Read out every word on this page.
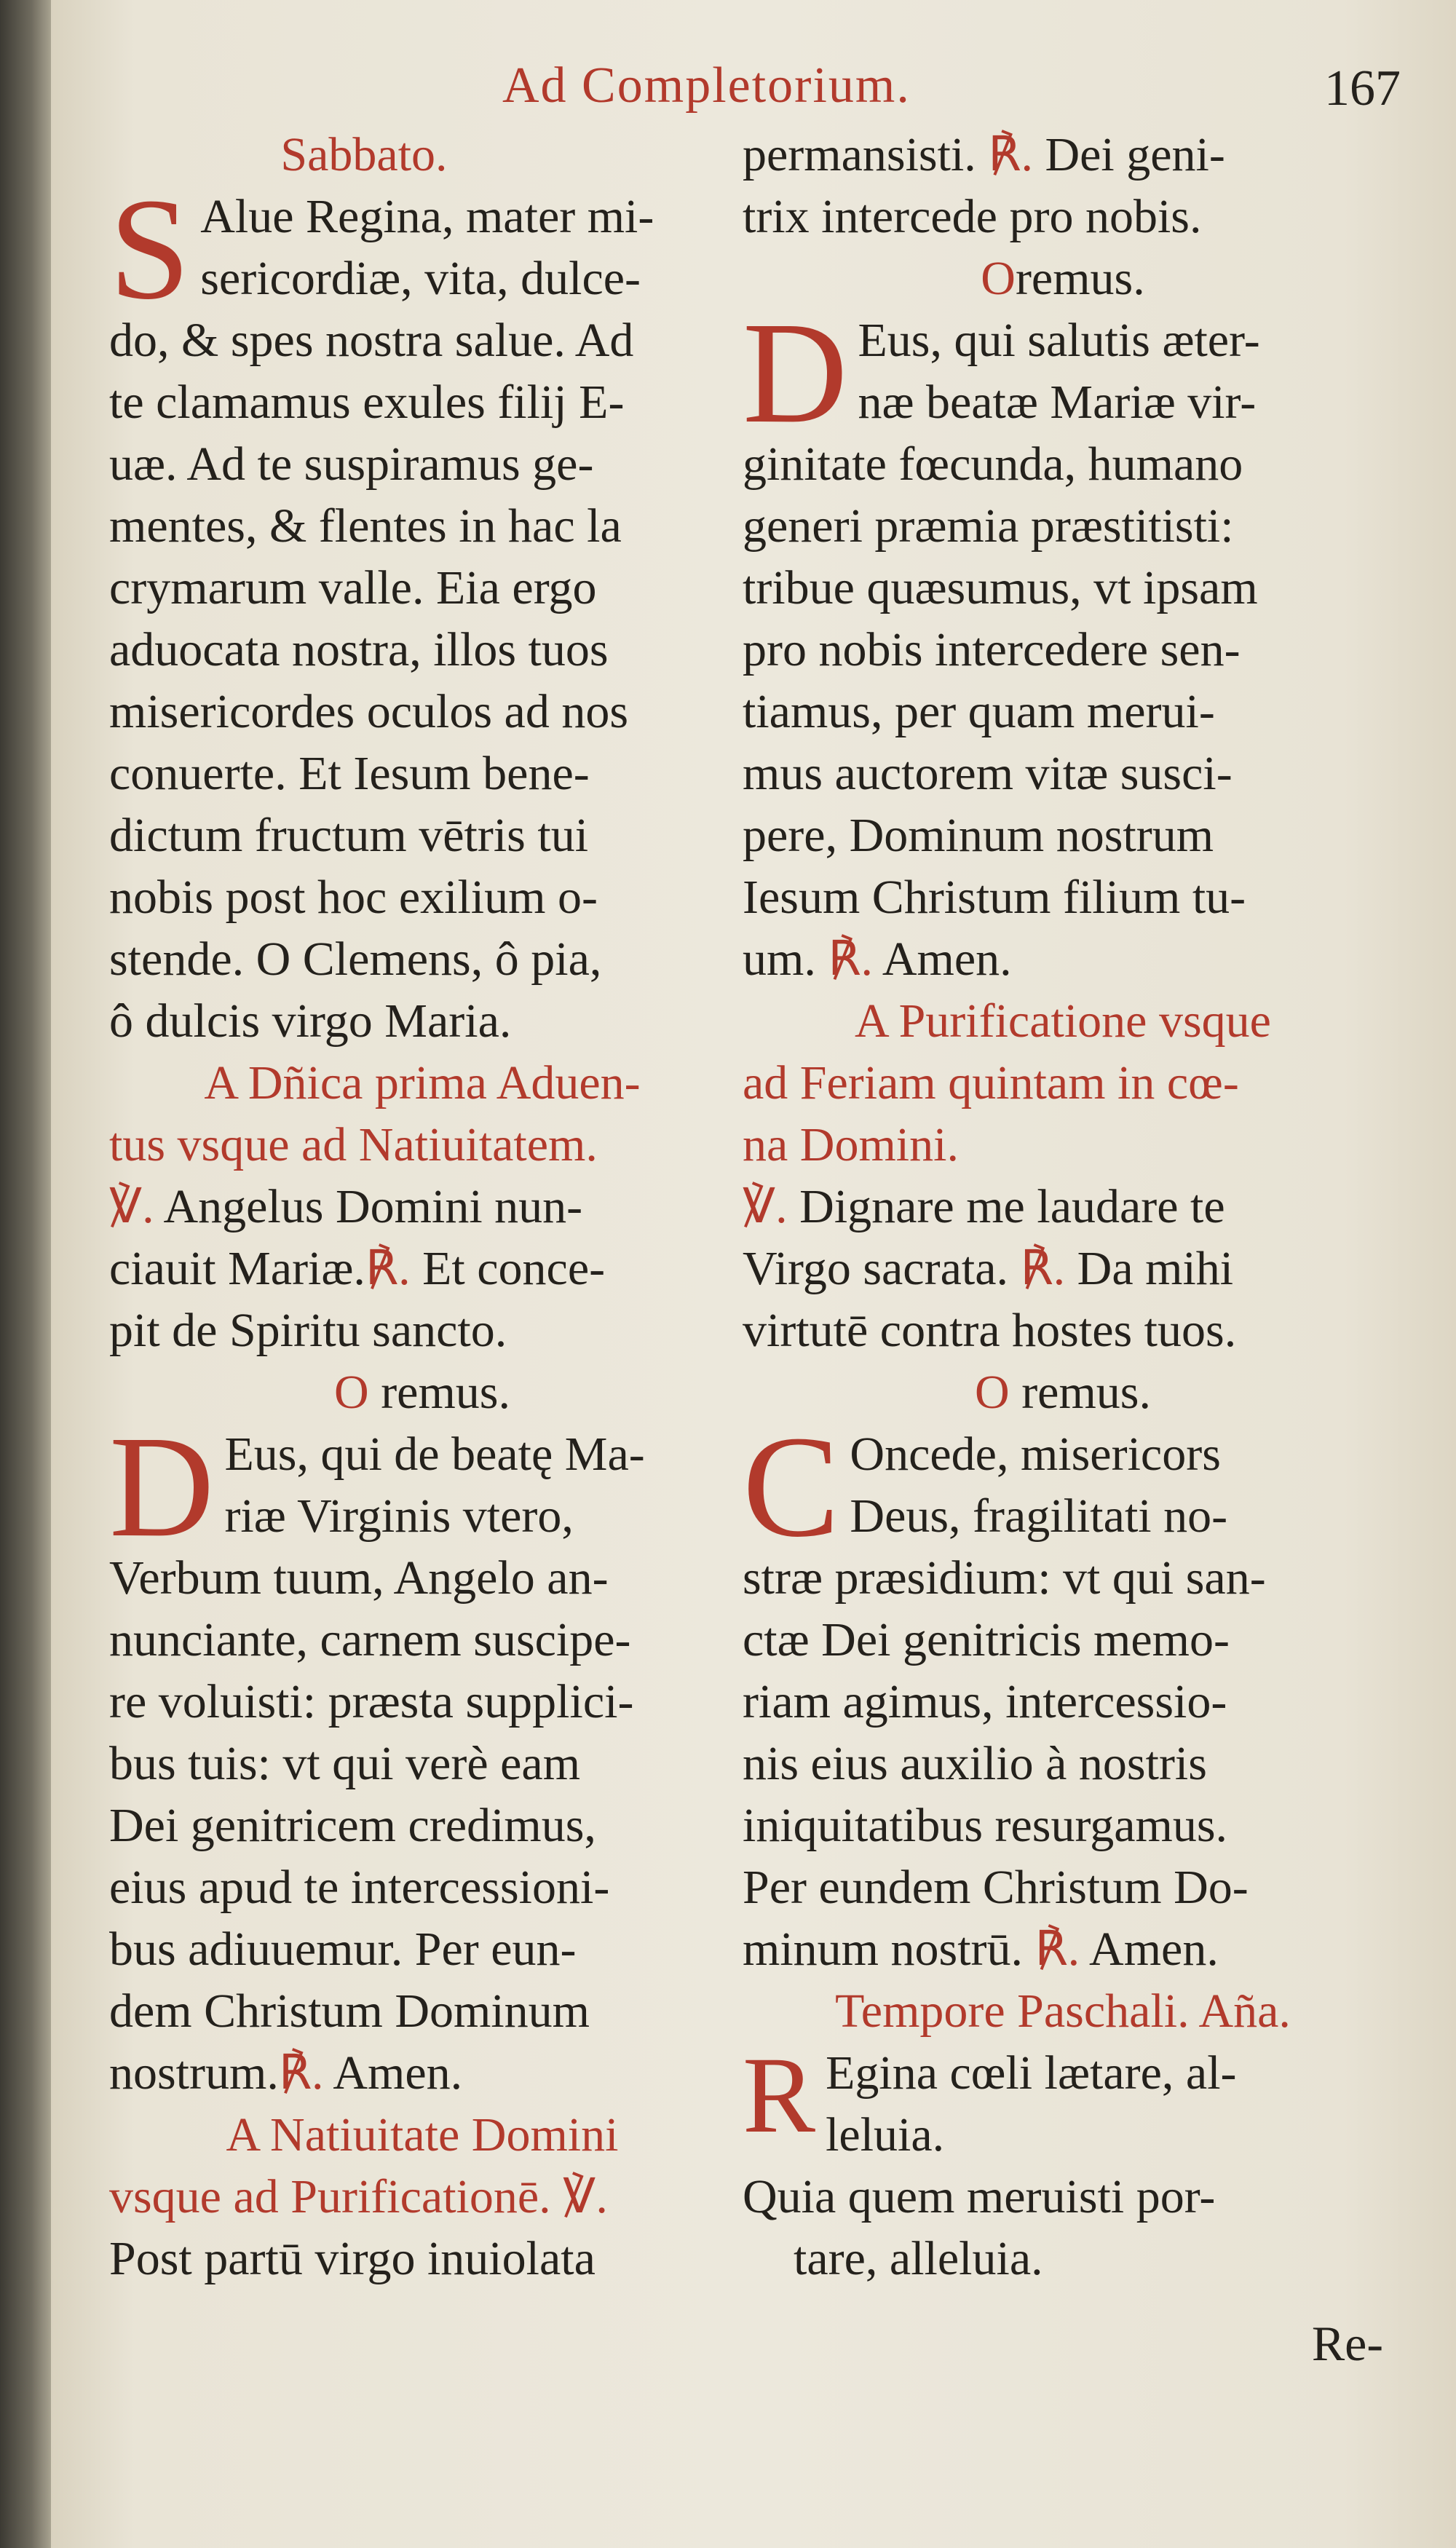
Ad Completorium.	167

Sabbato.

S Alue Regina, mater mi-

sericordiæ, vita, dulce-

do, & spes nostra salue. Ad

te clamamus exules filij E-

uæ. Ad te suspiramus ge-

mentes, & flentes in hac la

crymarum valle. Eia ergo

aduocata nostra, illos tuos

misericordes oculos ad nos

conuerte. Et Iesum bene-

dictum fructum vētris tui

nobis post hoc exilium o-

stende. O Clemens, ô pia,

ô dulcis virgo Maria.

A Dñica prima Aduen-

tus vsque ad Natiuitatem.

℣. Angelus Domini nun-

ciauit Mariæ.℟. Et conce-

pit de Spiritu sancto.

O remus.

D Eus, qui de beatę Ma-

riæ Virginis vtero,

Verbum tuum, Angelo an-

nunciante, carnem suscipe-

re voluisti: præsta supplici-

bus tuis: vt qui verè eam

Dei genitricem credimus,

eius apud te intercessioni-

bus adiuuemur. Per eun-

dem Christum Dominum

nostrum.℟. Amen.

A Natiuitate Domini

vsque ad Purificationē. ℣.

Post partū virgo inuiolata

permansisti. ℟. Dei geni-

trix intercede pro nobis.

Oremus.

D Eus, qui salutis æter-

næ beatæ Mariæ vir-

ginitate fœcunda, humano

generi præmia præstitisti:

tribue quæsumus, vt ipsam

pro nobis intercedere sen-

tiamus, per quam merui-

mus auctorem vitæ susci-

pere, Dominum nostrum

Iesum Christum filium tu-

um. ℟. Amen.

A Purificatione vsque

ad Feriam quintam in cœ-

na Domini.

℣. Dignare me laudare te

Virgo sacrata. ℟. Da mihi

virtutē contra hostes tuos.

O remus.

C Oncede, misericors

Deus, fragilitati no-

stræ præsidium: vt qui san-

ctæ Dei genitricis memo-

riam agimus, intercessio-

nis eius auxilio à nostris

iniquitatibus resurgamus.

Per eundem Christum Do-

minum nostrū. ℟. Amen.

Tempore Paschali. Aña.

R Egina cœli lætare, al-

leluia.

Quia quem meruisti por-

tare, alleluia.

Re-
